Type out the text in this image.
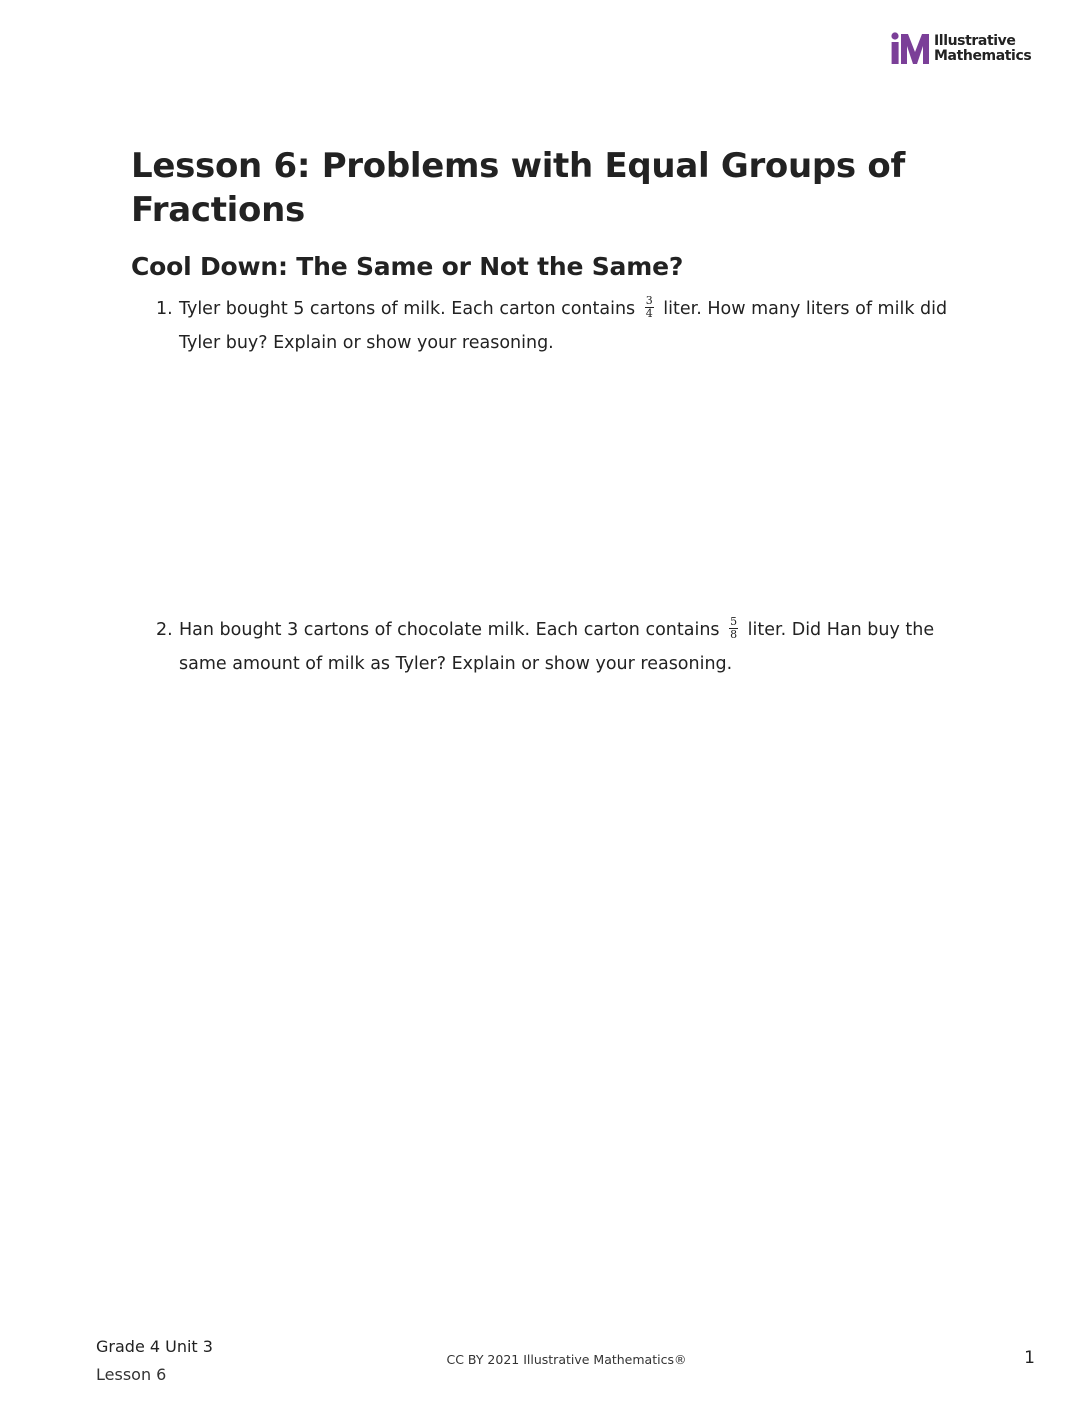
Illustrative
Mathematics
Lesson 6: Problems with Equal Groups of Fractions
Cool Down: The Same or Not the Same?
1. Tyler bought 5 cartons of milk. Each carton contains $\frac{3}{4}$ liter. How many liters of milk did Tyler buy? Explain or show your reasoning.
2. Han bought 3 cartons of chocolate milk. Each carton contains $\frac{5}{8}$ liter. Did Han buy the same amount of milk as Tyler? Explain or show your reasoning.
Grade 4 Unit 3
Lesson 6
CC BY 2021 Illustrative Mathematics®	1
